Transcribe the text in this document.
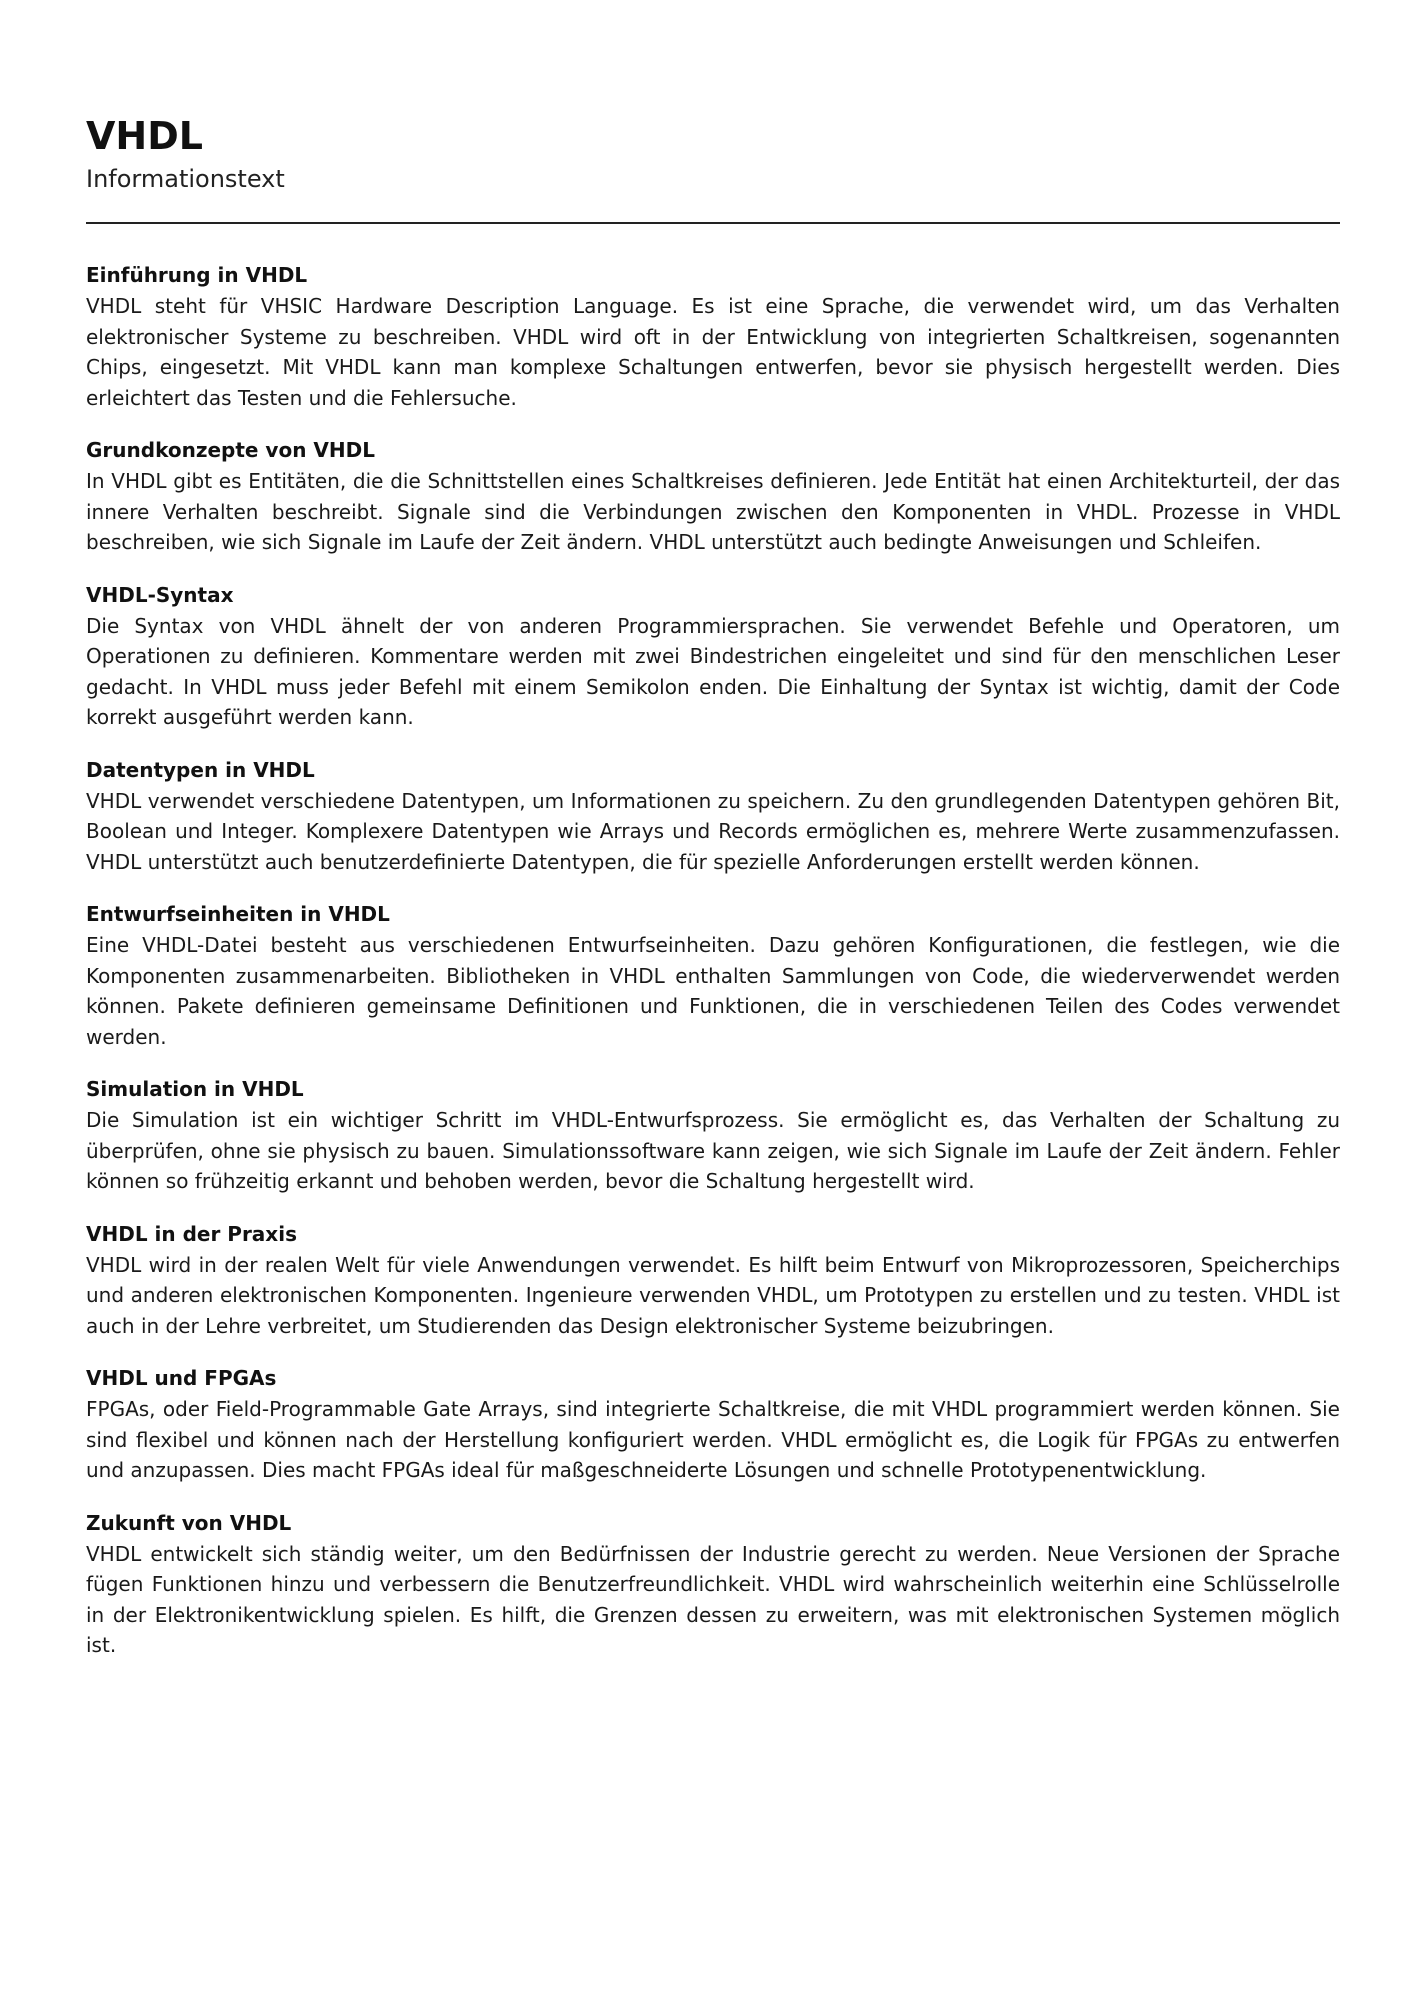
VHDL
Informationstext
Einführung in VHDL

VHDL steht für VHSIC Hardware Description Language. Es ist eine Sprache, die verwendet wird, um das Verhalten elektronischer Systeme zu beschreiben. VHDL wird oft in der Entwicklung von integrierten Schaltkreisen, sogenannten Chips, eingesetzt. Mit VHDL kann man komplexe Schaltungen entwerfen, bevor sie physisch hergestellt werden. Dies erleichtert das Testen und die Fehlersuche.

Grundkonzepte von VHDL

In VHDL gibt es Entitäten, die die Schnittstellen eines Schaltkreises definieren. Jede Entität hat einen Architekturteil, der das innere Verhalten beschreibt. Signale sind die Verbindungen zwischen den Komponenten in VHDL. Prozesse in VHDL beschreiben, wie sich Signale im Laufe der Zeit ändern. VHDL unterstützt auch bedingte Anweisungen und Schleifen.

VHDL-Syntax

Die Syntax von VHDL ähnelt der von anderen Programmiersprachen. Sie verwendet Befehle und Operatoren, um Operationen zu definieren. Kommentare werden mit zwei Bindestrichen eingeleitet und sind für den menschlichen Leser gedacht. In VHDL muss jeder Befehl mit einem Semikolon enden. Die Einhaltung der Syntax ist wichtig, damit der Code korrekt ausgeführt werden kann.

Datentypen in VHDL

VHDL verwendet verschiedene Datentypen, um Informationen zu speichern. Zu den grundlegenden Datentypen gehören Bit, Boolean und Integer. Komplexere Datentypen wie Arrays und Records ermöglichen es, mehrere Werte zusammenzufassen. VHDL unterstützt auch benutzerdefinierte Datentypen, die für spezielle Anforderungen erstellt werden können.

Entwurfseinheiten in VHDL

Eine VHDL-Datei besteht aus verschiedenen Entwurfseinheiten. Dazu gehören Konfigurationen, die festlegen, wie die Komponenten zusammenarbeiten. Bibliotheken in VHDL enthalten Sammlungen von Code, die wiederverwendet werden können. Pakete definieren gemeinsame Definitionen und Funktionen, die in verschiedenen Teilen des Codes verwendet werden.

Simulation in VHDL

Die Simulation ist ein wichtiger Schritt im VHDL-Entwurfsprozess. Sie ermöglicht es, das Verhalten der Schaltung zu überprüfen, ohne sie physisch zu bauen. Simulationssoftware kann zeigen, wie sich Signale im Laufe der Zeit ändern. Fehler können so frühzeitig erkannt und behoben werden, bevor die Schaltung hergestellt wird.

VHDL in der Praxis

VHDL wird in der realen Welt für viele Anwendungen verwendet. Es hilft beim Entwurf von Mikroprozessoren, Speicherchips und anderen elektronischen Komponenten. Ingenieure verwenden VHDL, um Prototypen zu erstellen und zu testen. VHDL ist auch in der Lehre verbreitet, um Studierenden das Design elektronischer Systeme beizubringen.

VHDL und FPGAs

FPGAs, oder Field-Programmable Gate Arrays, sind integrierte Schaltkreise, die mit VHDL programmiert werden können. Sie sind flexibel und können nach der Herstellung konfiguriert werden. VHDL ermöglicht es, die Logik für FPGAs zu entwerfen und anzupassen. Dies macht FPGAs ideal für maßgeschneiderte Lösungen und schnelle Prototypenentwicklung.

Zukunft von VHDL

VHDL entwickelt sich ständig weiter, um den Bedürfnissen der Industrie gerecht zu werden. Neue Versionen der Sprache fügen Funktionen hinzu und verbessern die Benutzerfreundlichkeit. VHDL wird wahrscheinlich weiterhin eine Schlüsselrolle in der Elektronikentwicklung spielen. Es hilft, die Grenzen dessen zu erweitern, was mit elektronischen Systemen möglich ist.
